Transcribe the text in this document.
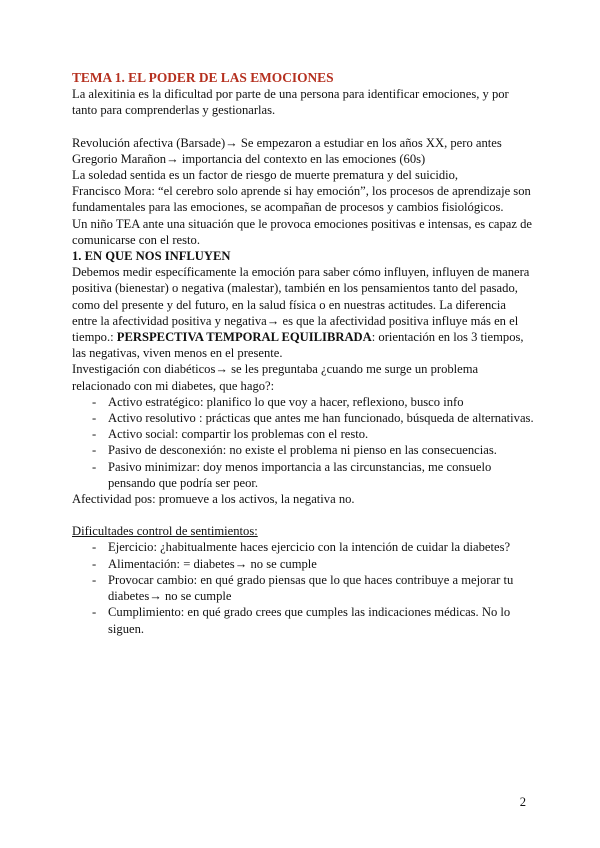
TEMA 1. EL PODER DE LAS EMOCIONES

La alexitinia es la dificultad por parte de una persona para identificar emociones, y por tanto para comprenderlas y gestionarlas.

Revolución afectiva (Barsade)→ Se empezaron a estudiar en los años XX, pero antes Gregorio Marañon→ importancia del contexto en las emociones (60s)

La soledad sentida es un factor de riesgo de muerte prematura y del suicidio,

Francisco Mora: “el cerebro solo aprende si hay emoción”, los procesos de aprendizaje son fundamentales para las emociones, se acompañan de procesos y cambios fisiológicos.

Un niño TEA ante una situación que le provoca emociones positivas e intensas, es capaz de comunicarse con el resto.

1. EN QUE NOS INFLUYEN

Debemos medir específicamente la emoción para saber cómo influyen, influyen de manera positiva (bienestar) o negativa (malestar), también en los pensamientos tanto del pasado, como del presente y del futuro, en la salud física o en nuestras actitudes. La diferencia entre la afectividad positiva y negativa→ es que la afectividad positiva influye más en el tiempo.: PERSPECTIVA TEMPORAL EQUILIBRADA: orientación en los 3 tiempos, las negativas, viven menos en el presente.

Investigación con diabéticos→ se les preguntaba ¿cuando me surge un problema relacionado con mi diabetes, que hago?:

- Activo estratégico: planifico lo que voy a hacer, reflexiono, busco info
- Activo resolutivo : prácticas que antes me han funcionado, búsqueda de alternativas.
- Activo social: compartir los problemas con el resto.
- Pasivo de desconexión: no existe el problema ni pienso en las consecuencias.
- Pasivo minimizar: doy menos importancia a las circunstancias, me consuelo pensando que podría ser peor.

Afectividad pos: promueve a los activos, la negativa no.

Dificultades control de sentimientos:

- Ejercicio: ¿habitualmente haces ejercicio con la intención de cuidar la diabetes?
- Alimentación: = diabetes→ no se cumple
- Provocar cambio: en qué grado piensas que lo que haces contribuye a mejorar tu diabetes→ no se cumple
- Cumplimiento: en qué grado crees que cumples las indicaciones médicas. No lo siguen.
2
